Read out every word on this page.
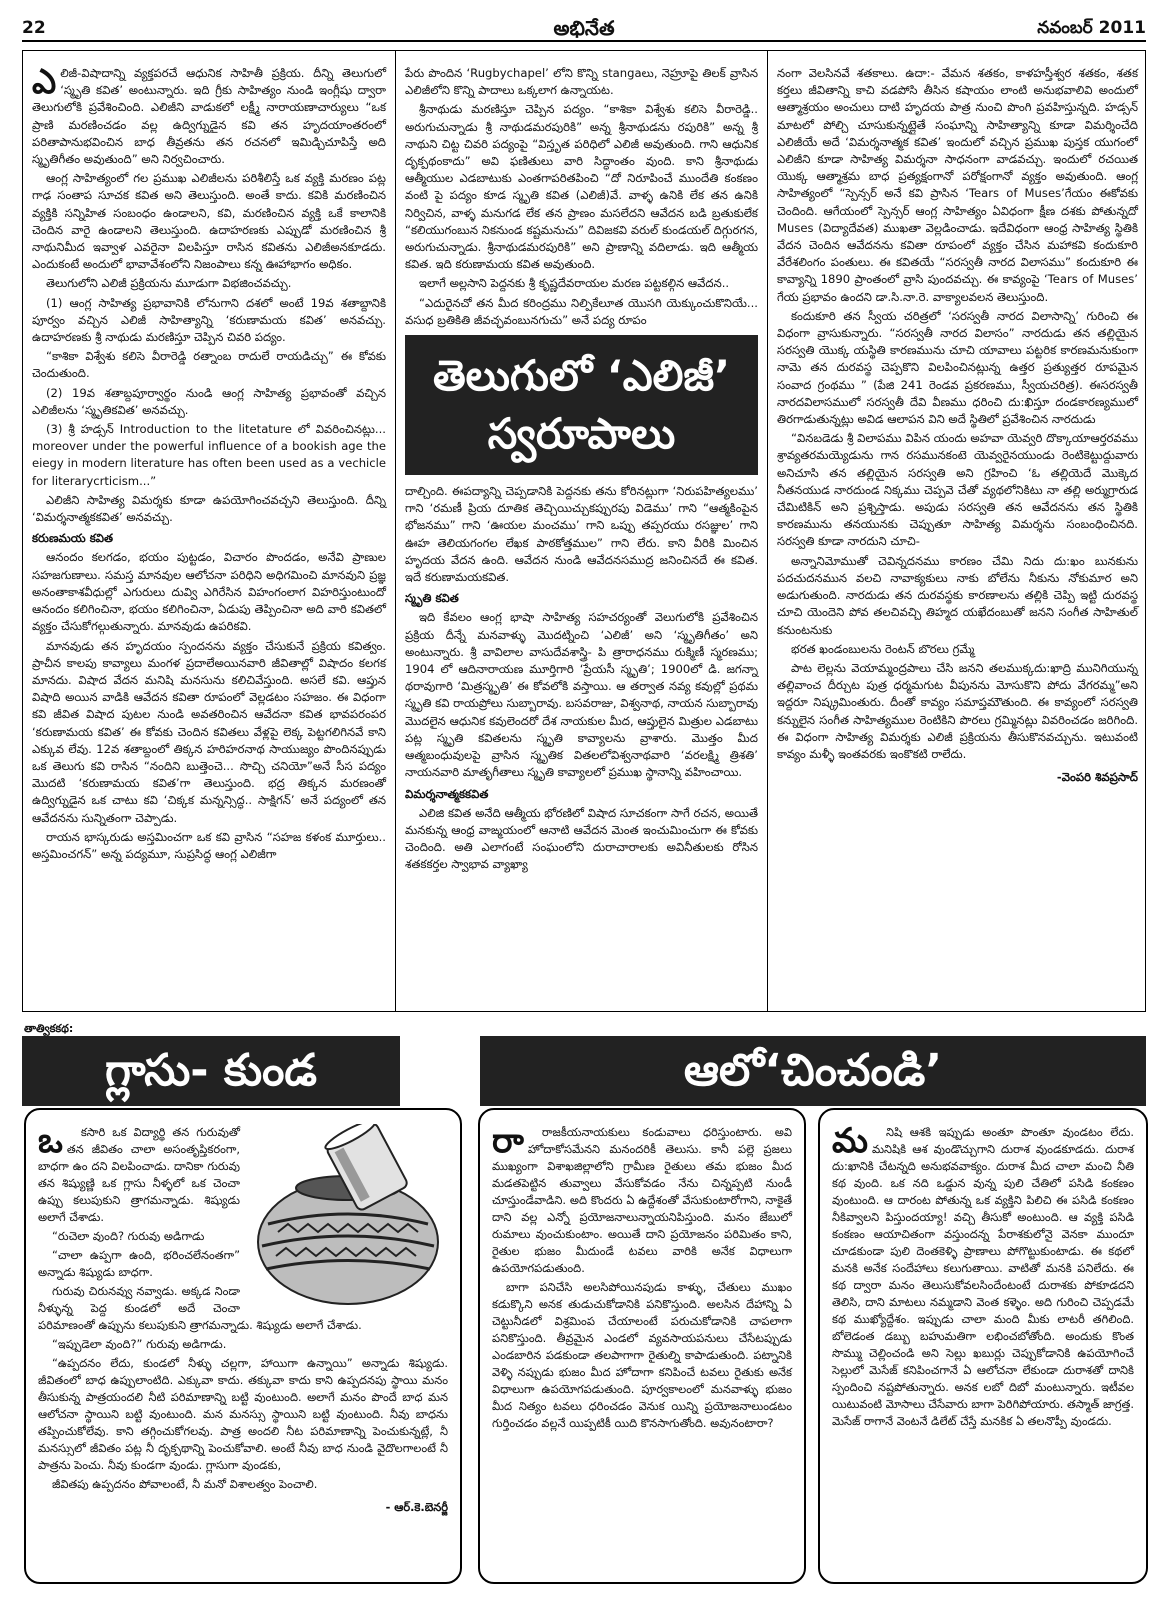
22	అభినేత	నవంబర్ 2011
ఎ లిజీ-విషాదాన్ని వ్యక్తపరచే ఆధునిక సాహితీ ప్రక్రియ. దీన్ని తెలుగులో ‘స్మృతి కవిత’ అంటున్నారు. ఇది గ్రీకు సాహిత్యం నుండి ఇంగ్లీషు ద్వారా తెలుగులోకి ప్రవేశించింది. ఎలిజీని వాడుకలో లక్ష్మీ నారాయణాచార్యులు “ఒక ప్రాణి మరణించడం వల్ల ఉద్విగ్నుడైన కవి తన హృదయాంతరంలో పరితాపానుభవించిన బాధ తీవ్రతను తన రచనలో ఇమిడ్చిచూపిస్తే అది స్మృతిగీతం అవుతుంది” అని నిర్వచించారు.

ఆంగ్ల సాహిత్యంలో గల ప్రముఖ ఎలిజీలను పరిశీలిస్తే ఒక వ్యక్తి మరణం పట్ల గాఢ సంతాప సూచక కవిత అని తెలుస్తుంది. అంతే కాదు. కవికి మరణించిన వ్యక్తికి సన్నిహిత సంబంధం ఉండాలని, కవి, మరణించిన వ్యక్తి ఒకే కాలానికి చెందిన వారై ఉండాలని తెలుస్తుంది. ఉదాహరణకు ఎప్పుడో మరణించిన శ్రీ నాథునిమీద ఇవ్వాళ ఎవరైనా విలపిస్తూ రాసిన కవితను ఎలిజీఅనకూడదు. ఎందుకంటే అందులో భావావేశంలోని నిజంపాలు కన్న ఊహాభాగం అధికం.

తెలుగులోని ఎలిజీ ప్రక్రియను మూడుగా విభజించవచ్చు.

(1) ఆంగ్ల సాహిత్య ప్రభావానికి లోనుగాని దశలో అంటే 19వ శతాబ్దానికి పూర్వం వచ్చిన ఎలిజీ సాహిత్యాన్ని ‘కరుణామయ కవిత’ అనవచ్చు. ఉదాహరణకు శ్రీ నాథుడు మరణిస్తూ చెప్పిన చివరి పద్యం.

“కాశికా విశ్వేశు కలిసె వీరారెడ్డి రత్నాంబ రాదులే రాయడిచ్చు” ఈ కోవకు చెందుతుంది.

(2) 19వ శతాబ్దపూర్వార్థం నుండి ఆంగ్ల సాహిత్య ప్రభావంతో వచ్చిన ఎలిజీలను ‘స్మృతికవిత’ అనవచ్చు.

(3) శ్రీ హడ్సన్ Introduction to the litetature లో వివరించినట్లు... moreover under the powerful influence of a bookish age the eiegy in modern literature has often been used as a vechicle for literarycrticism...”

ఎలిజీని సాహిత్య విమర్శకు కూడా ఉపయోగించవచ్చని తెలుస్తుంది. దీన్ని ‘విమర్శనాత్మకకవిత’ అనవచ్చు.

కరుణమయ కవిత

ఆనందం కలగడం, భయం పుట్టడం, విచారం పొందడం, అనేవి ప్రాణుల సహజగుణాలు. సమస్త మానవుల ఆలోచనా పరిధిని అధిగమించి మానవుని ప్రజ్ఞ అనంతాకాశవీధుల్లో ఎగురులు దువ్వి ఎగిరేసిన విహంగంలాగ విహరిస్తుంటుందో ఆనందం కలిగించినా, భయం కలిగించినా, ఏడుపు తెప్పించినా అది వారి కవితలో వ్యక్తం చేసుకోగల్గుతున్నారు. మానవుడు ఉపరికవి.

మానవుడు తన హృదయం స్పందనను వ్యక్తం చేసుకునే ప్రక్రియ కవిత్వం. ప్రాచీన కాలపు కావ్యాలు మంగళ ప్రదాలేఅయినవారి జీవితాల్లో విషాదం కలగక మానదు. విషాద వేదన మనిషి మనసును కలిచివేస్తుంది. అసలే కవి. ఆప్తున విషాది అయిన వాడికి ఆవేదన కవితా రూపంలో వెల్లడటం సహజం. ఈ విధంగా కవి జీవిత విషాద పుటల నుండి అవతరించిన ఆవేదనా కవిత భావపరంపర ‘కరుణామయ కవిత’ ఈ కోవకు చెందిన కవితలు వేళ్లపై లెక్క పెట్టగలిగినవే కాని ఎక్కువ లేవు. 12వ శతాబ్దంలో తిక్కన హరిహరనాథ సాయుజ్యం పొందినప్పుడు ఒక తెలుగు కవి రాసిన “నందిని బుత్తెంచె... సొచ్చి చనియో”అనే సీస పద్యం మొదటి ‘కరుణామయ కవిత’గా తెలుస్తుంది. భద్ర తిక్కన మరణంతో ఉద్విగ్నుడైన ఒక చాటు కవి ‘చిక్కక మన్నన్సిద్ధ.. సాక్షిగన్’ అనే పద్యంలో తన ఆవేదనను సున్నితంగా చెప్పాడు.

రాయన భాస్కరుడు అస్తమించగా ఒక కవి వ్రాసిన “సహజ కళంక మూర్తులు.. అస్తమించగన్” అన్న పద్యమూ, సుప్రసిద్ధ ఆంగ్ల ఎలిజీగా

పేరు పొందిన ‘Rugbychapel’ లోని కొన్ని stangaలు, నెహ్రూపై తిలక్ వ్రాసిన ఎలిజీలోని కొన్ని పాదాలు ఒక్కలాగ ఉన్నాయట.

శ్రీనాథుడు మరణిస్తూ చెప్పిన పద్యం. “కాశికా విశ్వేశు కలిసె వీరారెడ్డి.. అరుగుచున్నాడు శ్రీ నాథుడమరపురికి” అన్న శ్రీనాథుడను రపురికి” అన్న శ్రీ నాథుని చిట్ట చివరి పద్యంపై “విస్తృత పరిధిలో ఎలిజీ అవుతుంది. గాని ఆధునిక దృక్పథంకాదు” అవి ఫణితులు వారి సిద్ధాంతం వుంది. కాని శ్రీనాథుడు ఆత్మీయుల ఎడబాటుకు ఎంతగాపరితపించి “దో నిరూపించే ముందేతి కంకణం వంటి పై పద్యం కూడ స్మృతి కవిత (ఎలిజీ)వే. వాళ్ళ ఉనికి లేక తన ఉనికి నిర్విచిన, వాళ్ళ మనుగడ లేక తన ప్రాణం మసలేదని ఆవేదన బడి బ్రతుకులేక “కలియుగంబున నికనుండ కష్టమనుచు” దివిజకవి వరుల్ కుండయల్ దిగ్గురగన, అరుగుచున్నాడు. శ్రీనాథుడమరపురికి” అని ప్రాణాన్ని వదిలాడు. ఇది ఆత్మీయ కవిత. ఇది కరుణామయ కవిత అవుతుంది.

ఇలాగే అల్లసాని పెద్దనకు శ్రీ కృష్ణదేవరాయల మరణ పట్టకల్గిన ఆవేదన..

“ఎదురైనచో తన మీద కరింద్రము నిల్పికేలూత యొసగి యెక్కుంచుకొనియే... వసుధ బ్రతికితి జీవచ్ఛవంబునగుచు” అనే పద్య రూపం

తెలుగులో ‘ఎలిజీ’ స్వరూపాలు

దాల్చింది. ఈపద్యాన్ని చెప్పడానికి పెద్దనకు తను కోరినట్లుగా ‘నిరుపహిత్యలము’ గాని ‘రమణీ ప్రియ దూతిక తెచ్చియిచ్చుకప్పురపు విడెము’ గాని “ఆత్మకింపైన భోజనము” గాని ‘ఊయల మంచము’ గాని ఒప్పు తప్పరయు రసజ్ఞుల’ గాని ఊహ తెలియగంగల లేఖక పాఠకోత్తముల” గాని లేరు. కాని వీరికి మించిన హృదయ వేదన ఉంది. ఆవేదన నుండి ఆవేదనసముద్ర జనించినదే ఈ కవిత. ఇదే కరుణామయకవిత.

స్మృతి కవిత

ఇది కేవలం ఆంగ్ల భాషా సాహిత్య సహచర్యంతో వెలుగులోకి ప్రవేశించిన ప్రక్రియ దీన్నే మనవాళ్ళు మొదట్నించి ‘ఎలిజీ’ అని ‘స్మృతిగీతం’ అని అంటున్నారు. శ్రీ వావిలాల వాసుదేవశాస్త్రి- పి త్రారాధనము రుక్మిణీ స్మరణము; 1904 లో ఆదినారాయణ మూర్తిగారి ‘ప్రేయసీ స్మృతి’; 1900లో డి. జగన్నా థరావుగారి ‘మిత్రస్మృతి’ ఈ కోవలోకి వస్తాయి. ఆ తర్వాత నవ్య కవుల్లో ప్రథమ స్మృతి కవి రాయప్రోలు సుబ్బారావు. బసవరాజు, విశ్వనాథ, నాయన సుబ్బారావు మొదలైన ఆధునిక కవులెందరో దేశ నాయకుల మీద, ఆప్తులైన మిత్రుల ఎడబాటు పట్ల స్మృతి కవితలను స్మృతి కావ్యాలను వ్రాశారు. మొత్తం మీద ఆత్మబంధువులపై వ్రాసిన స్మృతిక వితలలోవిశ్వనాథవారి ‘వరలక్ష్మి త్రిశతి’ నాయనవారి మాతృగీతాలు స్మృతి కావ్యాలలో ప్రముఖ స్థానాన్ని వహించాయి.

విమర్శనాత్మకకవిత

ఎలిజి కవిత అనేది ఆత్మీయ భోరణిలో విషాద సూచకంగా సాగే రచన, అయితే మనకున్న ఆంధ్ర వాఙ్మయంలో ఆనాటి ఆవేదన మెంత ఇంచుమించుగా ఈ కోవకు చెందింది. అతి ఎలాగంటే సంఘంలోని దురాచారాలకు అవినీతులకు రోసిన శతకకర్తల స్వాభావ వ్యాఖ్యా

నంగా వెలసినవే శతకాలు. ఉదా:- వేమన శతకం, కాళహస్తీశ్వర శతకం, శతక కర్తలు జీవితాన్ని కాచి వడపోసి తీసిన కషాయం లాంటి అనుభవాలివి అందులో ఆత్మాశ్రయం అంచులు దాటి హృదయ పాత్ర నుంచి పొంగి ప్రవహిస్తున్నది. హడ్సన్ మాటలో పోల్చి చూసుకున్నట్లైతే సంఘాన్ని సాహిత్యాన్ని కూడా విమర్శించేది ఎలిజీయే అదే ‘విమర్శనాత్మక కవిత’ ఇందులో వచ్చిన ప్రముఖ పుస్తక యుగంలో ఎలిజీని కూడా సాహిత్య విమర్శనా సాధనంగా వాడవచ్చు. ఇందులో రచయిత యొక్క ఆత్మాశ్రమ బాధ ప్రత్యక్షంగానో పరోక్షంగానో వ్యక్తం అవుతుంది. ఆంగ్ల సాహిత్యంలో “స్పెన్సర్ అనే కవి ప్రాసిన ‘Tears of Muses’గేయం ఈకోవకు చెందింది. ఆగేయంలో స్పెన్సర్ ఆంగ్ల సాహిత్యం ఏవిధంగా క్షీణ దశకు పోతున్నదో Muses (విద్యాదేవత) ముఖతా వెల్లడించాడు. ఇదేవిధంగా ఆంధ్ర సాహిత్య స్థితికి వేదన చెందిన ఆవేదనను కవితా రూపంలో వ్యక్తం చేసిన మహాకవి కందుకూరి వేరేశలింగం పంతులు. ఈ కవితయే “సరస్వతీ నారద విలాసము” కందుకూరి ఈ కావ్యాన్ని 1890 ప్రాంతంలో వ్రాసి పుందవచ్చు. ఈ కావ్యంపై ‘Tears of Muses’ గేయ ప్రభావం ఉందని డా.సి.నా.రె. వాక్యాలవలన తెలుస్తుంది.

కందుకూరి తన స్వీయ చరిత్రలో ‘సరస్వతీ నారద విలాసాన్ని’ గురించి ఈ విధంగా వ్రాసుకున్నారు. “సరస్వతీ నారద విలాసం” నారదుడు తన తల్లియైన సరస్వతి యొక్క యస్థితి కారణమును చూచి యావాలు పట్టరిక కారణమనుకుంగా నామె తన దురవస్థ చెప్పకొని విలపించినట్లున్న ఉత్తర ప్రత్యుత్తర రూపమైన సంవాద గ్రంథము ” (పేజి 241 రెండవ ప్రకరణము, స్వీయచరిత్ర). ఈసరస్వతీ నారదవిలాసములో సరస్వతీ దేవి వీణము ధరించి దు:ఖిస్తూ దండకారణ్యములో తిరగాడుతున్నట్లు అవిడ ఆలాపన విని అదే స్థితిలో ప్రవేశించిన నారదుడు

“వినబడెడు శ్రీ విలాపము విపిన యందు అహవా యెవ్వరి దొక్కాయాఆర్తరవము శ్రావ్యతరమయ్యెడును గాన రసమునకంటె యెవ్వరైనయుండు రెంటికెట్టుద్దువారు అనిచూసి తన తల్లియైన సరస్వతి అని గ్రహించి ‘ఓ తల్లియెదే మొక్కెద నీతనయుడ నారదుండ నిక్కము చెప్పవె చేతో వ్యథలోనికిటు నా తల్లి అర్ముగ్రారుడ చేమిటికిన్ అని ప్రశ్నిస్తాడు. అపుడు సరస్వతి తన ఆవేదనను తన స్థితికి కారణమును తనయునకు చెప్పుతూ సాహిత్య విమర్శను సంబంధించినది. సరస్వతి కూడా నారదుని చూచి-

అన్నానిమోముతో చెవిన్నదనము కారణం చేమి నిదు దు:ఖం బునకును పదచుదనమున వలచి నావాక్యకులు నాకు బోలేను నీకును నోకుమార అని అడుగుతుంది. నారదుడు తన దురవస్థకు కారణాలను తల్లికి చెప్పి ఇట్టి దురవస్థ చూచి యెందెని పోవ తలచివచ్చి తిహ్మద యఖేదంబుతో జనని సంగీత సాహితుల్ కనుంటనుకు

భరత ఖండంబులను రెంటన్ బొరలు గ్రమ్మే

పాట లెల్లను వెయామ్మంద్రపాలు చేసి జనని తలముక్కదు:ఖాద్రి మునిగియున్న తల్లివాంచ దీర్చుట పుత్ర ధర్మమగుట వీపునను మోసుకొని పోదు వేగరమ్మ”అని ఇద్దరూ నిష్క్రమింతురు. దీంతో కావ్యం సమాప్తమౌతుంది. ఈ కావ్యంలో సరస్వతి కన్నులైన సంగీత సాహిత్యముల రెంటికిని పొరలు గ్రమ్మినట్లు వివరించడం జరిగింది. ఈ విధంగా సాహిత్య విమర్శకు ఎలిజీ ప్రక్రియను తీసుకొనవచ్చును. ఇటువంటి కావ్యం మళ్ళీ ఇంతవరకు ఇంకొకటి రాలేదు.

-వెంపరి శివప్రసాద్
తాత్వికకథ:
గ్లాసు- కుండ	ఆలో‘చించండి’
ఒ	కసారి ఒక విద్యార్థి తన గురువుతో తన జీవితం చాలా అసంతృప్తికరంగా, బాధగా ఉం దని విలపించాడు. దానికా గురువు తన శిష్యుణ్ణి ఒక గ్లాసు నీళ్ళలో ఒక చెంచా ఉప్పు కలుపుకుని త్రాగమన్నాడు. శిష్యుడు అలాగే చేశాడు.

“రుచెలా వుంది? గురువు అడిగాడు

“చాలా ఉప్పగా ఉంది, భరించలేనంతగా” అన్నాడు శిష్యుడు బాధగా.

గురువు చిరునవ్వు నవ్వాడు. అక్కడ నిండా నీళ్ళున్న పెద్ద కుండలో అదే చెంచా పరిమాణంతో ఉప్పును కలుపుకుని త్రాగమన్నాడు. శిష్యుడు అలాగే చేశాడు.

“ఇప్పుడెలా వుంది?” గురువు అడిగాడు.

“ఉప్పదనం లేదు, కుండలో నీళ్ళు చల్లగా, హాయిగా ఉన్నాయి” అన్నాడు శిష్యుడు. జీవితంలో బాధ ఉప్పులాంటిది. ఎక్కువా కాదు. తక్కువా కాదు కాని ఉప్పదనపు స్థాయి మనం తీసుకున్న పాత్రయందలి నీటి పరిమాణాన్ని బట్టి వుంటుంది. అలాగే మనం పొందే బాధ మన ఆలోచనా స్థాయిని బట్టి వుంటుంది. మన మనస్సు స్థాయిని బట్టి వుంటుంది. నీవు బాధను తప్పించుకోలేవు. కాని తగ్గించుకోగలవు. పాత్ర అందలి నీట పరిమాణాన్ని పెంచుకున్నట్లే, నీ మనస్సులో జీవితం పట్ల నీ దృక్పథాన్ని పెంచుకోవాలి. అంటే నీవు బాధ నుండి వైదొలగాలంటే నీ పాత్రను పెంచు. నీవు కుండగా వుండు. గ్లాసుగా వుండకు,

జీవితపు ఉప్పదనం పోవాలంటే, నీ మనో విశాలత్వం పెంచాలి.

- ఆర్.కె.బెనర్జీ
రా	రాజకీయనాయకులు కండువాలు ధరిస్తుంటారు. అవి హోదాకోసమేనని మనందరికీ తెలుసు. కానీ పల్లె ప్రజలు ముఖ్యంగా విశాఖజిల్లాలోని గ్రామీణ రైతులు తమ భుజం మీద మడతపెట్టిన తువ్వాలు వేసుకోవడం నేను చిన్నప్పటి నుండీ చూస్తుండేవాడిని. అది కొందరు ఏ ఉద్దేశంతో వేసుకుంటారోగాని, నాకైతే దాని వల్ల ఎన్నో ప్రయోజనాలున్నాయనిపిస్తుంది. మనం జేబులో రుమాలు వుంచుకుంటాం. అయితే దాని ప్రయోజనం పరిమితం కాని, రైతుల భుజం మీదుండే టవలు వారికి అనేక విధాలుగా ఉపయోగపడుతుంది.

బాగా పనిచేసి అలసిపోయినపుడు కాళ్ళు, చేతులు ముఖం కడుక్కొని అనక తుడుచుకోడానికి పనికొస్తుంది. అలసిన దేహాన్ని ఏ చెట్టునీడలో విశ్రమింప చేయాలంటే పరుచుకోడానికి చాపలాగా పనికొస్తుంది. తీవ్రమైన ఎండలో వ్యవసాయపనులు చేసేటప్పుడు ఎండబారిన పడకుండా తలపాగాగా రైతుల్ని కాపాడుతుంది. పట్నానికి వెళ్ళి నప్పుడు భుజం మీద హోదాగా కనిపించే టవలు రైతుకు అనేక విధాలుగా ఉపయోగపడుతుంది. పూర్వకాలంలో మనవాళ్ళు భుజం మీద నిత్యం టవలు ధరించడం వెనుక యిన్ని ప్రయోజనాలుండటం గుర్తించడం వల్లనే యిప్పటికీ యిది కొనసాగుతోంది. అవునంటారా?

మ	నిషి ఆశకి ఇప్పుడు అంతూ పొంతూ వుండటం లేదు. మనిషికి ఆశ వుండొచ్చుగాని దురాశ వుండకూడదు. దురాశ దు:ఖానికి చేటన్నది అనుభవవాక్యం. దురాశ మీద చాలా మంచి నీతి కథ వుంది. ఒక నది ఒడ్డున వున్న పులి చేతిలో పసిడి కంకణం వుంటుంది. ఆ దారంట పోతున్న ఒక వ్యక్తిని పిలిచి ఈ పసిడి కంకణం నీకివ్వాలని పిస్తుందయ్యా! వచ్చి తీసుకో అంటుంది. ఆ వ్యక్తి పసిడి కంకణం ఆయాచితంగా వస్తుందన్న పేరాశకులోనై వెనకా ముందూ చూడకుండా పులి దెంతకెళ్ళి ప్రాణాలు పోగొట్టుకుంటాడు. ఈ కథలో మనకి అనేక సందేహాలు కలుగుతాయి. వాటితో మనకి పనిలేదు. ఈ కథ ద్వారా మనం తెలుసుకోవలసిందేంటంటే దురాశకు పోకూడదని తెలిసి, దాని మాటలు నమ్మడాని వెంత కళ్ళెం. అది గురించి చెప్పడమే కథ ముఖ్యోద్దేశం. ఇప్పుడు చాలా మంది మీకు లాటరీ తగిలింది. బోలెడంత డబ్బు బహుమతిగా లభించబోతోంది. అందుకు కొంత సొమ్ము చెల్లించండి అని సెల్లు ఖబుర్లు చెప్పుకోడానికి ఉపయోగించే సెల్లులో మెసేజ్ కనిపించగానే ఏ ఆలోచనా లేకుండా దురాశతో దానికి స్పందించి నష్టపోతున్నారు. అనక లబో దిబో మంటున్నారు. ఇటీవల యిటువంటి మోసాలు చేసేవారు బాగా పెరిగిపోయారు. తస్మాత్ జాగ్రత్త. మెసేజ్ రాగానే వెంటనే డిలేట్ చేస్తే మనకిక ఏ తలనొప్పీ వుండదు.
